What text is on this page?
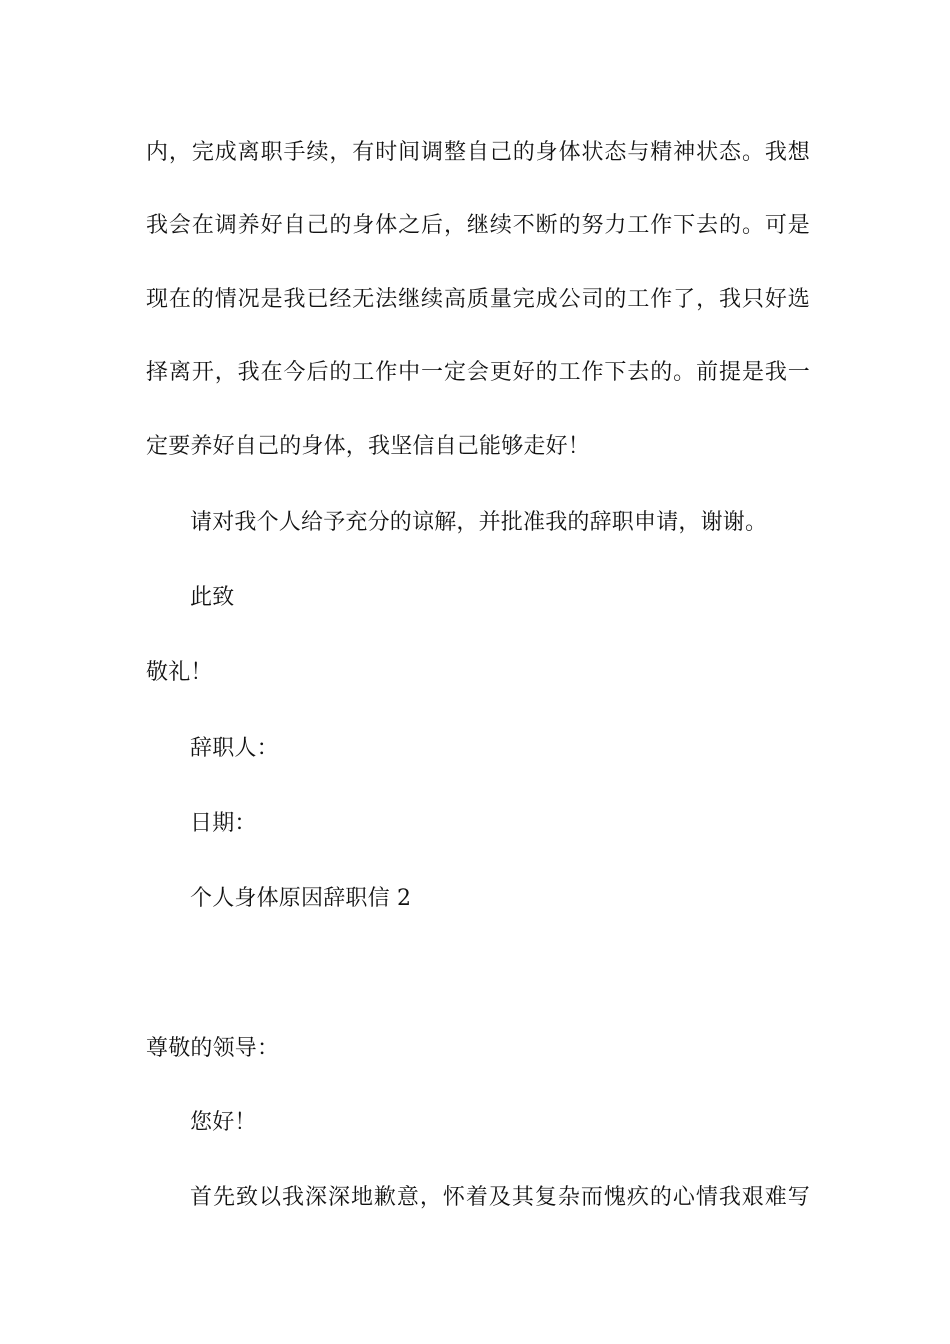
内，完成离职手续，有时间调整自己的身体状态与精神状态。我想
我会在调养好自己的身体之后，继续不断的努力工作下去的。可是
现在的情况是我已经无法继续高质量完成公司的工作了，我只好选
择离开，我在今后的工作中一定会更好的工作下去的。前提是我一
定要养好自己的身体，我坚信自己能够走好！
请对我个人给予充分的谅解，并批准我的辞职申请，谢谢。
此致
敬礼！
辞职人：
日期：
个人身体原因辞职信 2
尊敬的领导：
您好！
首先致以我深深地歉意，怀着及其复杂而愧疚的心情我艰难写
